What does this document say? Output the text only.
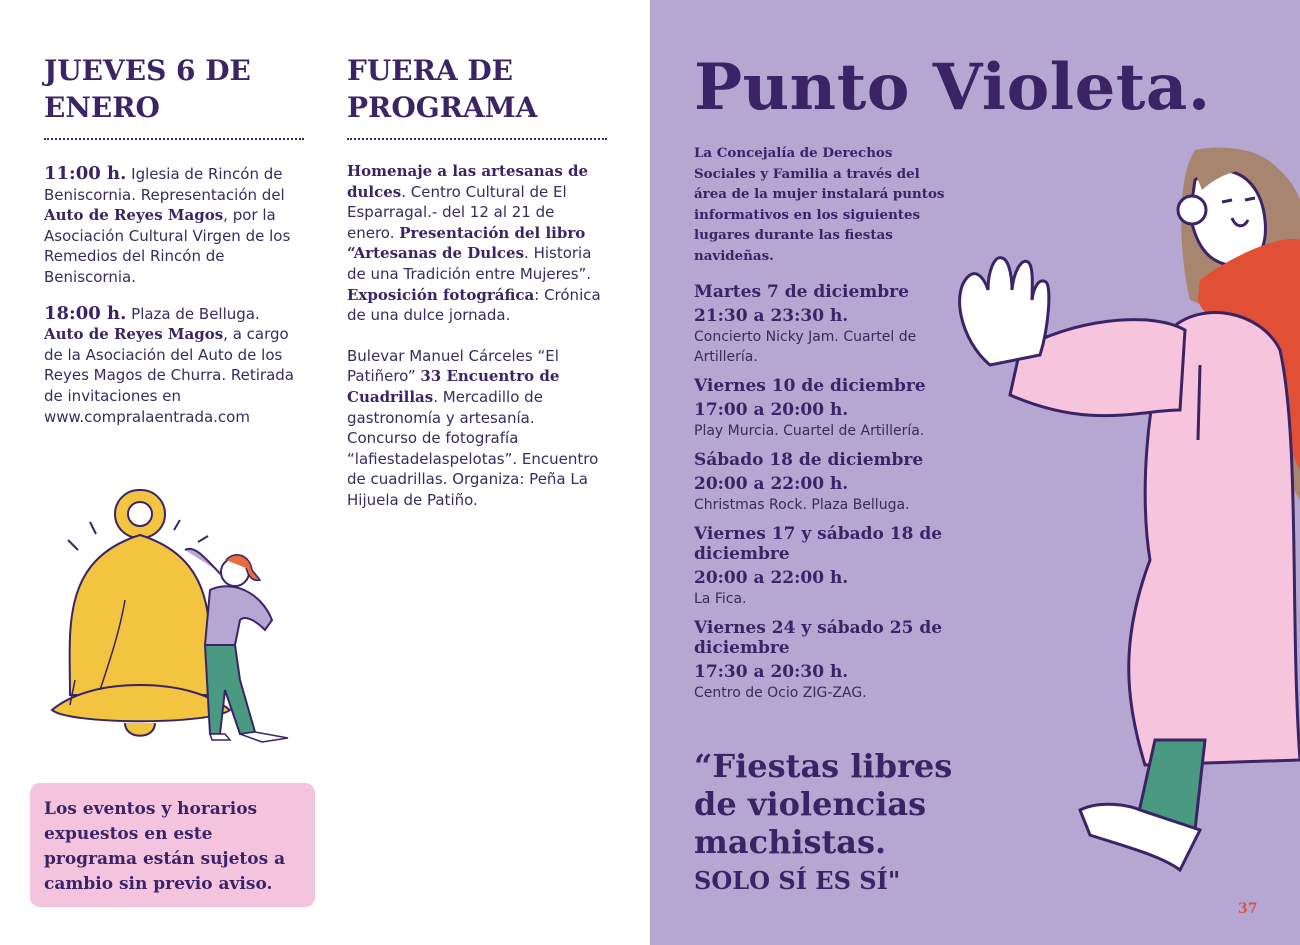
JUEVES 6 DE ENERO

11:00 h. Iglesia de Rincón de Beniscornia. Representación del Auto de Reyes Magos, por la Asociación Cultural Virgen de los Remedios del Rincón de Beniscornia.

18:00 h. Plaza de Belluga. Auto de Reyes Magos, a cargo de la Asociación del Auto de los Reyes Magos de Churra. Retirada de invitaciones en www.compralaentrada.com

Los eventos y horarios expuestos en este programa están sujetos a cambio sin previo aviso.
FUERA DE PROGRAMA

Homenaje a las artesanas de dulces. Centro Cultural de El Esparragal.- del 12 al 21 de enero. Presentación del libro “Artesanas de Dulces. Historia de una Tradición entre Mujeres”. Exposición fotográfica: Crónica de una dulce jornada.

Bulevar Manuel Cárceles “El Patiñero” 33 Encuentro de Cuadrillas. Mercadillo de gastronomía y artesanía. Concurso de fotografía “lafiestadelaspelotas”. Encuentro de cuadrillas. Organiza: Peña La Hijuela de Patiño.

Punto Violeta.
La Concejalía de Derechos Sociales y Familia a través del área de la mujer instalará puntos informativos en los siguientes lugares durante las fiestas navideñas.
Martes 7 de diciembre
21:30 a 23:30 h.
Concierto Nicky Jam. Cuartel de Artillería.
Viernes 10 de diciembre
17:00 a 20:00 h.
Play Murcia. Cuartel de Artillería.
Sábado 18 de diciembre
20:00 a 22:00 h.
Christmas Rock. Plaza Belluga.
Viernes 17 y sábado 18 de diciembre
20:00 a 22:00 h.
La Fica.
Viernes 24 y sábado 25 de diciembre
17:30 a 20:30 h.
Centro de Ocio ZIG-ZAG.
“Fiestas libres de violencias machistas.
SOLO SÍ ES SÍ"
37
